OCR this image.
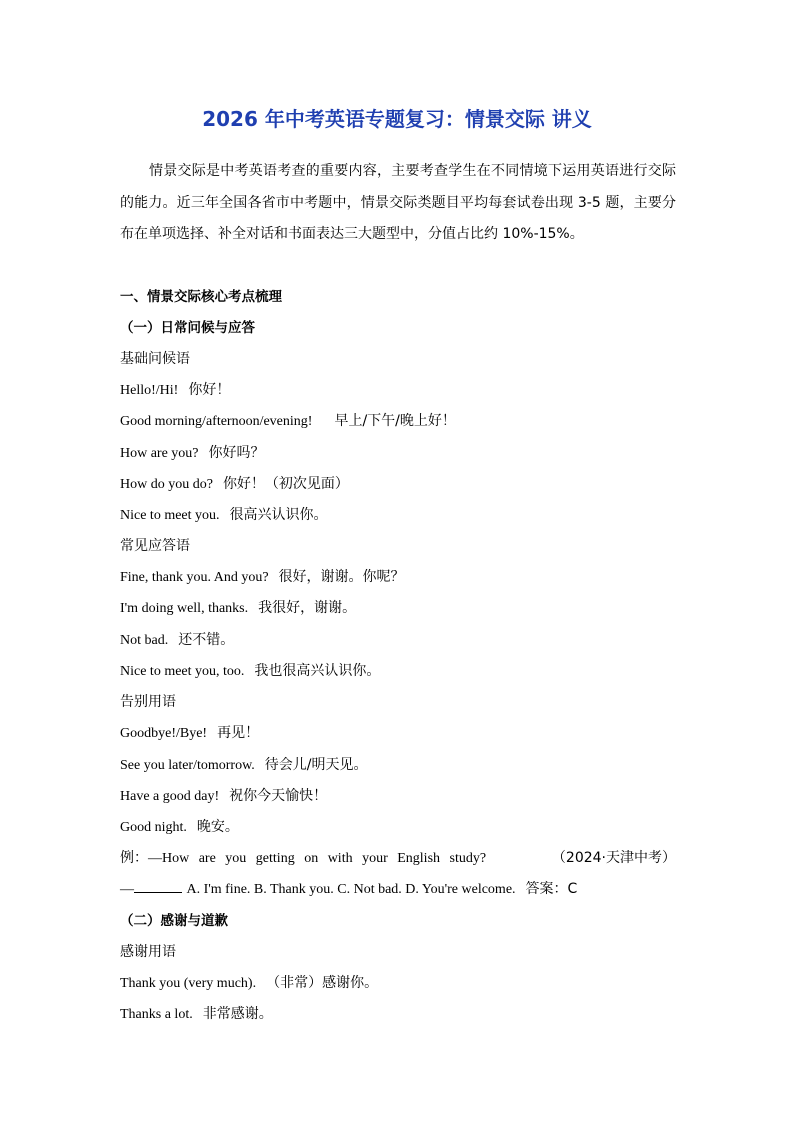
2026 年中考英语专题复习：情景交际 讲义
情景交际是中考英语考查的重要内容，主要考查学生在不同情境下运用英语进行交际的能力。近三年全国各省市中考题中，情景交际类题目平均每套试卷出现 3-5 题，主要分布在单项选择、补全对话和书面表达三大题型中，分值占比约 10%-15%。
一、情景交际核心考点梳理
（一）日常问候与应答
基础问候语
Hello!/Hi! 你好！
Good morning/afternoon/evening! 早上/下午/晚上好！
How are you? 你好吗？
How do you do? 你好！（初次见面）
Nice to meet you. 很高兴认识你。
常见应答语
Fine, thank you. And you? 很好，谢谢。你呢？
I'm doing well, thanks. 我很好，谢谢。
Not bad. 还不错。
Nice to meet you, too. 我也很高兴认识你。
告别用语
Goodbye!/Bye! 再见！
See you later/tomorrow. 待会儿/明天见。
Have a good day! 祝你今天愉快！
Good night. 晚安。
例：—How are you getting on with your English study?	（2024·天津中考）
—	A. I'm fine. B. Thank you. C. Not bad. D. You're welcome. 答案：C
（二）感谢与道歉
感谢用语
Thank you (very much). （非常）感谢你。
Thanks a lot. 非常感谢。
